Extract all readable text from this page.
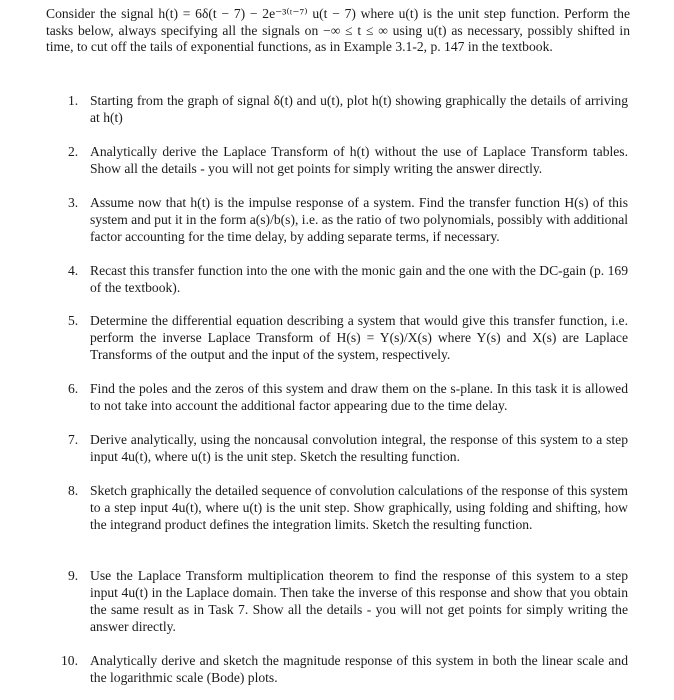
Consider the signal h(t) = 6δ(t − 7) − 2e⁻³⁽ᵗ⁻⁷⁾ u(t − 7) where u(t) is the unit step function. Perform the tasks below, always specifying all the signals on −∞ ≤ t ≤ ∞ using u(t) as necessary, possibly shifted in time, to cut off the tails of exponential functions, as in Example 3.1-2, p. 147 in the textbook.

1. Starting from the graph of signal δ(t) and u(t), plot h(t) showing graphically the details of arriving at h(t)
2. Analytically derive the Laplace Transform of h(t) without the use of Laplace Transform tables. Show all the details - you will not get points for simply writing the answer directly.
3. Assume now that h(t) is the impulse response of a system. Find the transfer function H(s) of this system and put it in the form a(s)/b(s), i.e. as the ratio of two polynomials, possibly with additional factor accounting for the time delay, by adding separate terms, if necessary.
4. Recast this transfer function into the one with the monic gain and the one with the DC-gain (p. 169 of the textbook).
5. Determine the differential equation describing a system that would give this transfer function, i.e. perform the inverse Laplace Transform of H(s) = Y(s)/X(s) where Y(s) and X(s) are Laplace Transforms of the output and the input of the system, respectively.
6. Find the poles and the zeros of this system and draw them on the s-plane. In this task it is allowed to not take into account the additional factor appearing due to the time delay.
7. Derive analytically, using the noncausal convolution integral, the response of this system to a step input 4u(t), where u(t) is the unit step. Sketch the resulting function.
8. Sketch graphically the detailed sequence of convolution calculations of the response of this system to a step input 4u(t), where u(t) is the unit step. Show graphically, using folding and shifting, how the integrand product defines the integration limits. Sketch the resulting function.
9. Use the Laplace Transform multiplication theorem to find the response of this system to a step input 4u(t) in the Laplace domain. Then take the inverse of this response and show that you obtain the same result as in Task 7. Show all the details - you will not get points for simply writing the answer directly.
10. Analytically derive and sketch the magnitude response of this system in both the linear scale and the logarithmic scale (Bode) plots.
